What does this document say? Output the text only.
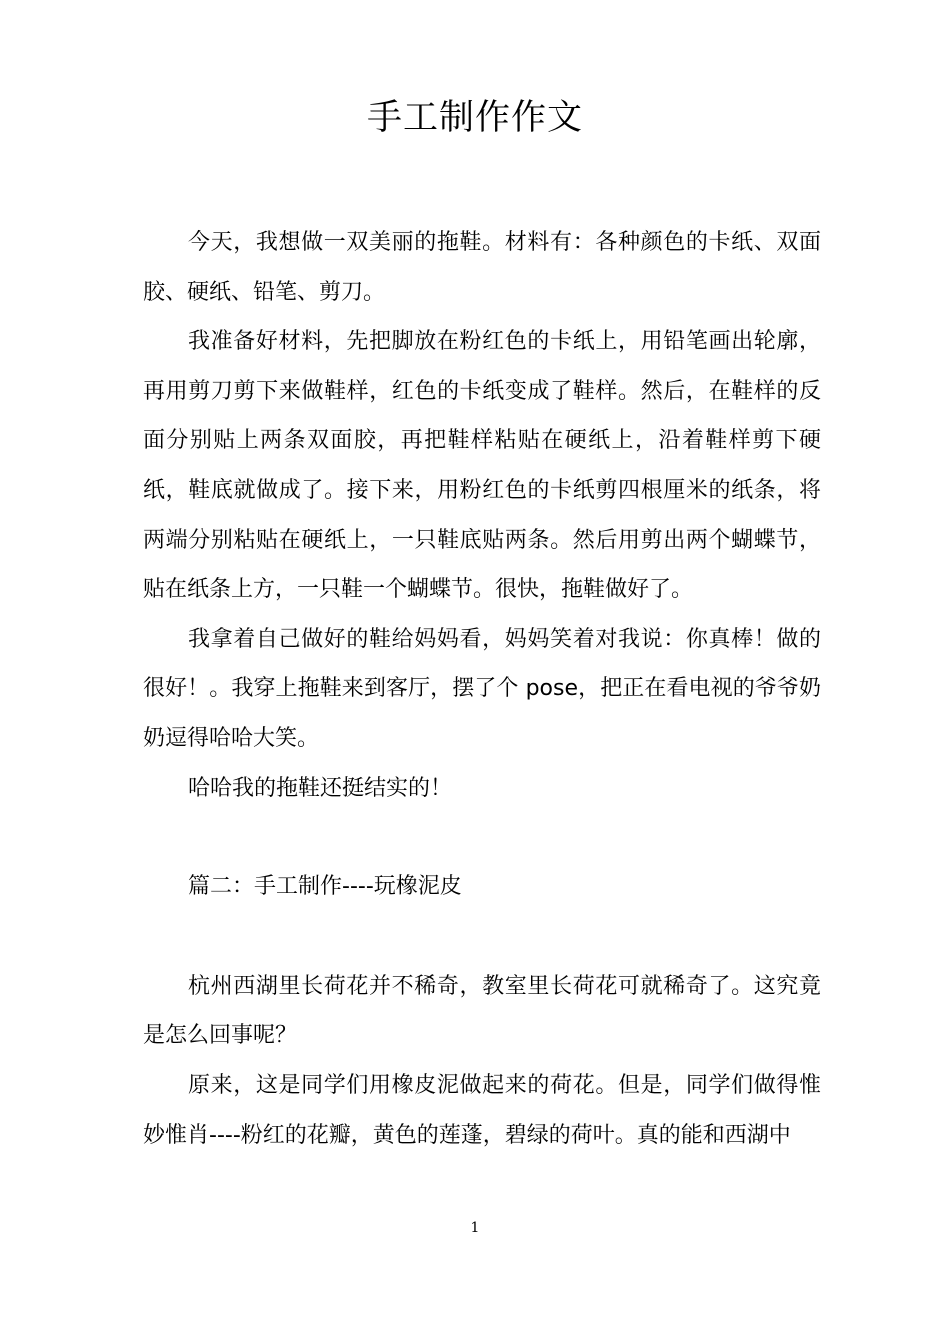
手工制作作文

今天，我想做一双美丽的拖鞋。材料有：各种颜色的卡纸、双面胶、硬纸、铅笔、剪刀。

我准备好材料，先把脚放在粉红色的卡纸上，用铅笔画出轮廓，再用剪刀剪下来做鞋样，红色的卡纸变成了鞋样。然后，在鞋样的反面分别贴上两条双面胶，再把鞋样粘贴在硬纸上，沿着鞋样剪下硬纸，鞋底就做成了。接下来，用粉红色的卡纸剪四根厘米的纸条，将两端分别粘贴在硬纸上，一只鞋底贴两条。然后用剪出两个蝴蝶节，贴在纸条上方，一只鞋一个蝴蝶节。很快，拖鞋做好了。

我拿着自己做好的鞋给妈妈看，妈妈笑着对我说：你真棒！做的很好！。我穿上拖鞋来到客厅，摆了个 pose，把正在看电视的爷爷奶奶逗得哈哈大笑。

哈哈我的拖鞋还挺结实的！

篇二：手工制作----玩橡泥皮

杭州西湖里长荷花并不稀奇，教室里长荷花可就稀奇了。这究竟是怎么回事呢？

原来，这是同学们用橡皮泥做起来的荷花。但是，同学们做得惟妙惟肖----粉红的花瓣，黄色的莲蓬，碧绿的荷叶。真的能和西湖中

1
